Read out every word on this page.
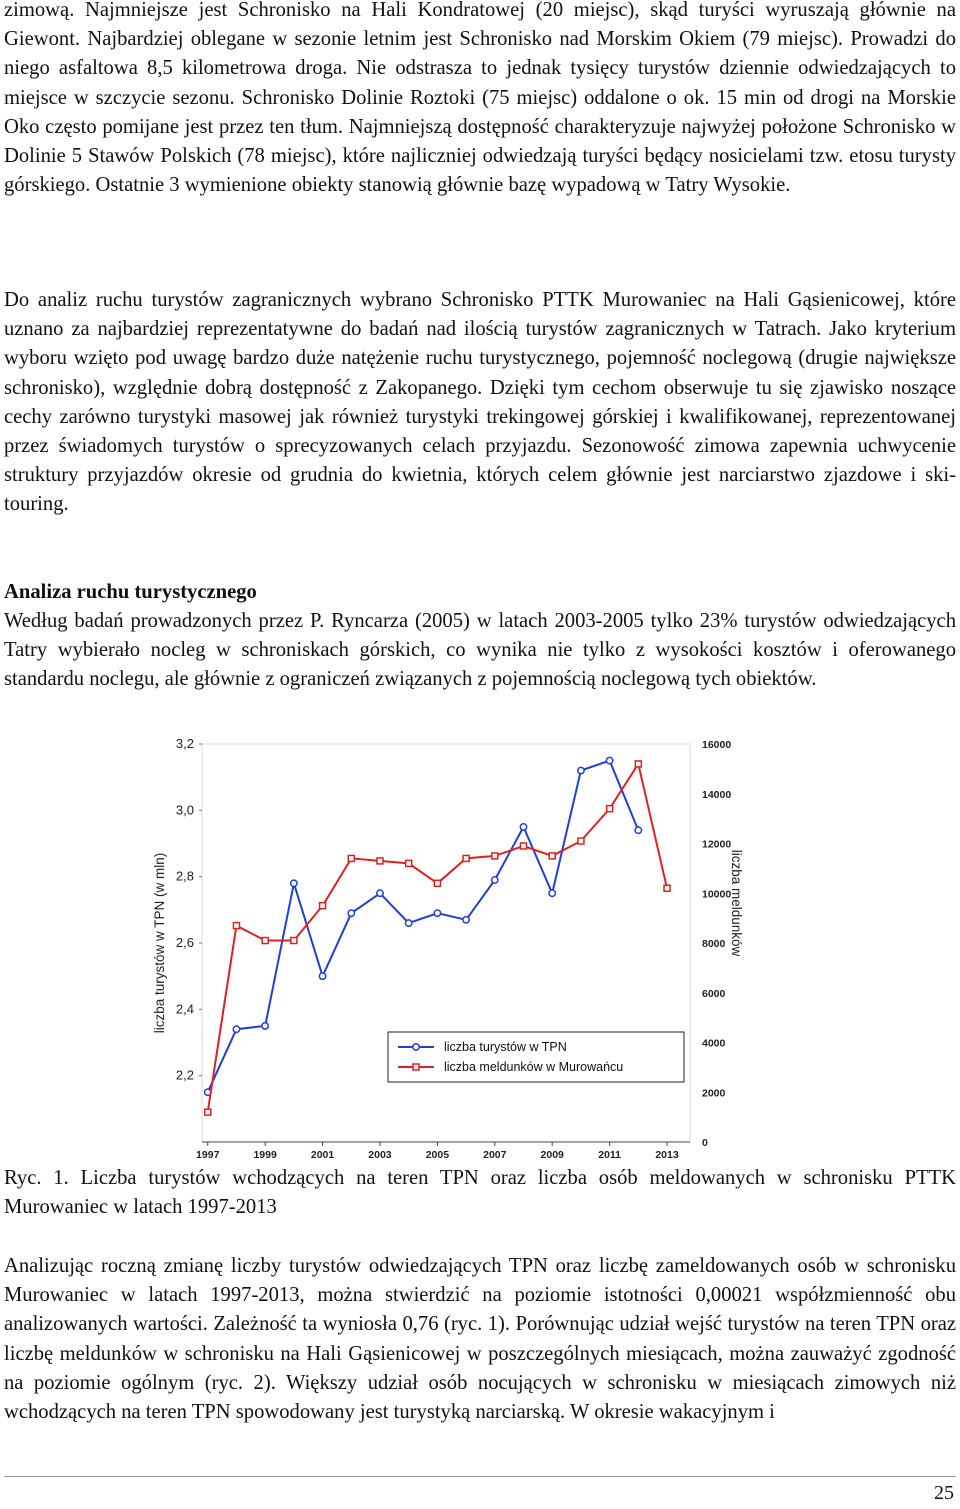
zimową. Najmniejsze jest Schronisko na Hali Kondratowej (20 miejsc), skąd turyści wyruszają głównie na Giewont. Najbardziej oblegane w sezonie letnim jest Schronisko nad Morskim Okiem (79 miejsc). Prowadzi do niego asfaltowa 8,5 kilometrowa droga. Nie odstrasza to jednak tysięcy turystów dziennie odwiedzających to miejsce w szczycie sezonu. Schronisko Dolinie Roztoki (75 miejsc) oddalone o ok. 15 min od drogi na Morskie Oko często pomijane jest przez ten tłum. Najmniejszą dostępność charakteryzuje najwyżej położone Schronisko w Dolinie 5 Stawów Polskich (78 miejsc), które najliczniej odwiedzają turyści będący nosicielami tzw. etosu turysty górskiego. Ostatnie 3 wymienione obiekty stanowią głównie bazę wypadową w Tatry Wysokie.

Do analiz ruchu turystów zagranicznych wybrano Schronisko PTTK Murowaniec na Hali Gąsienicowej, które uznano za najbardziej reprezentatywne do badań nad ilością turystów zagranicznych w Tatrach. Jako kryterium wyboru wzięto pod uwagę bardzo duże natężenie ruchu turystycznego, pojemność noclegową (drugie największe schronisko), względnie dobrą dostępność z Zakopanego. Dzięki tym cechom obserwuje tu się zjawisko noszące cechy zarówno turystyki masowej jak również turystyki trekingowej górskiej i kwalifikowanej, reprezentowanej przez świadomych turystów o sprecyzowanych celach przyjazdu. Sezonowość zimowa zapewnia uchwycenie struktury przyjazdów okresie od grudnia do kwietnia, których celem głównie jest narciarstwo zjazdowe i ski-touring.

Analiza ruchu turystycznego

Według badań prowadzonych przez P. Ryncarza (2005) w latach 2003-2005 tylko 23% turystów odwiedzających Tatry wybierało nocleg w schroniskach górskich, co wynika nie tylko z wysokości kosztów i oferowanego standardu noclegu, ale głównie z ograniczeń związanych z pojemnością noclegową tych obiektów.

3,2
3,0
2,8
2,6
2,4
2,2
16000
14000
12000
10000
8000
6000
4000
2000
0
1997	1999	2001	2003	2005	2007	2009	2011	2013
liczba turystów w TPN (w mln)	liczba meldunków
liczba turystów w TPN
liczba meldunków w Murowańcu

Ryc. 1. Liczba turystów wchodzących na teren TPN oraz liczba osób meldowanych w schronisku PTTK Murowaniec w latach 1997-2013

Analizując roczną zmianę liczby turystów odwiedzających TPN oraz liczbę zameldowanych osób w schronisku Murowaniec w latach 1997-2013, można stwierdzić na poziomie istotności 0,00021 współzmienność obu analizowanych wartości. Zależność ta wyniosła 0,76 (ryc. 1). Porównując udział wejść turystów na teren TPN oraz liczbę meldunków w schronisku na Hali Gąsienicowej w poszczególnych miesiącach, można zauważyć zgodność na poziomie ogólnym (ryc. 2). Większy udział osób nocujących w schronisku w miesiącach zimowych niż wchodzących na teren TPN spowodowany jest turystyką narciarską. W okresie wakacyjnym i

25
